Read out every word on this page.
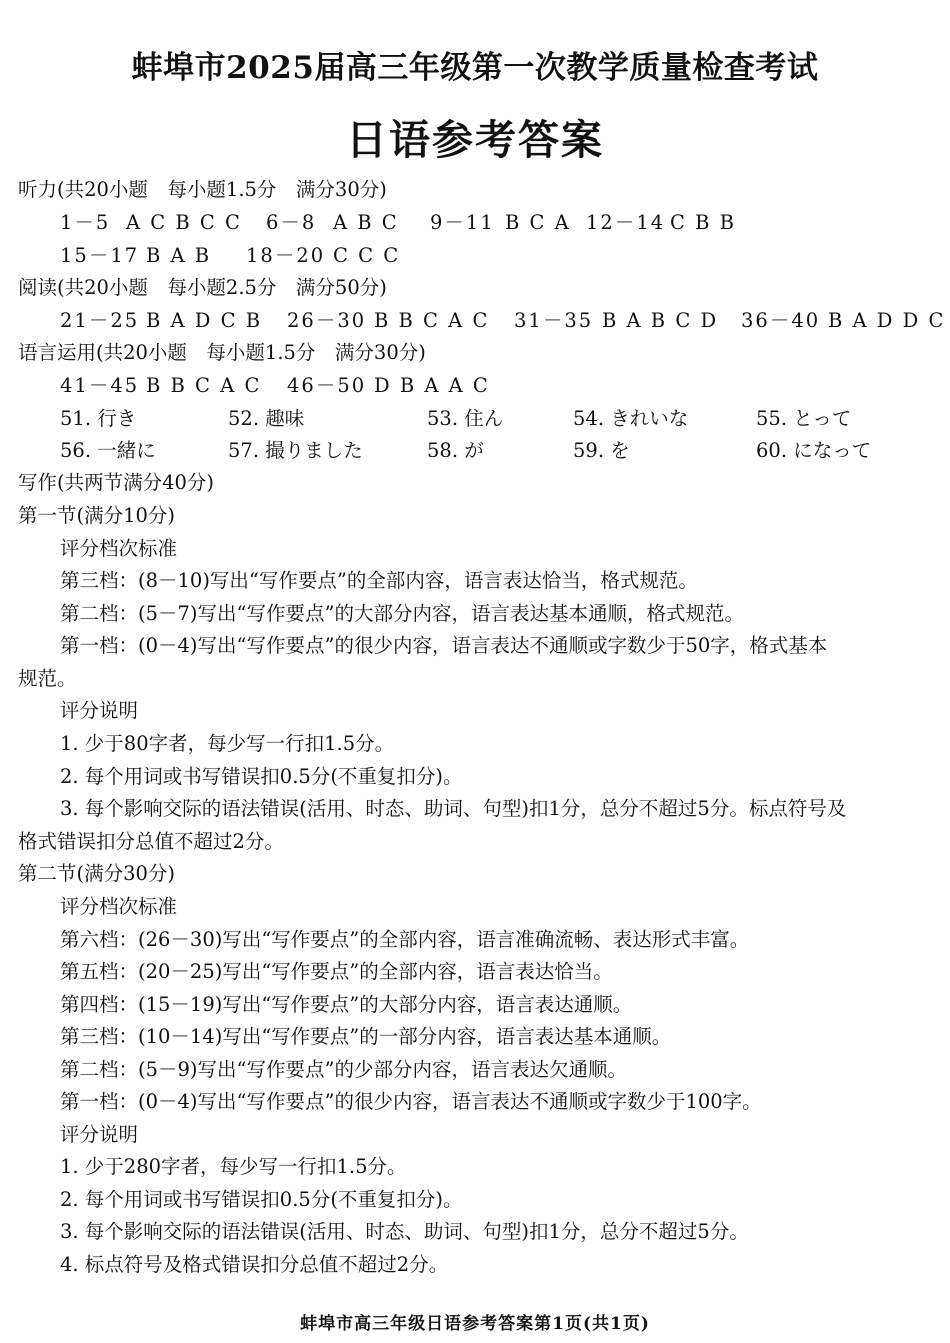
蚌埠市2025届高三年级第一次教学质量检查考试
日语参考答案
听力(共20小题　每小题1.5分　满分30分)
1－5 A C B C C 6－8 A B C 9－11 B C A 12－14 C B B
15－17 B A B 18－20 C C C
阅读(共20小题　每小题2.5分　满分50分)
21－25 B A D C B 26－30 B B C A C 31－35 B A B C D 36－40 B A D D C
语言运用(共20小题　每小题1.5分　满分30分)
41－45 B B C A C 46－50 D B A A C
51. 行き	52. 趣味	53. 住ん	54. きれいな	55. とって
56. 一緒に	57. 撮りました	58. が	59. を	60. になって
写作(共两节满分40分)
第一节(满分10分)
评分档次标准
第三档：(8－10)写出“写作要点”的全部内容，语言表达恰当，格式规范。
第二档：(5－7)写出“写作要点”的大部分内容，语言表达基本通顺，格式规范。
第一档：(0－4)写出“写作要点”的很少内容，语言表达不通顺或字数少于50字，格式基本
规范。
评分说明
1. 少于80字者，每少写一行扣1.5分。
2. 每个用词或书写错误扣0.5分(不重复扣分)。
3. 每个影响交际的语法错误(活用、时态、助词、句型)扣1分，总分不超过5分。标点符号及
格式错误扣分总值不超过2分。
第二节(满分30分)
评分档次标准
第六档：(26－30)写出“写作要点”的全部内容，语言准确流畅、表达形式丰富。
第五档：(20－25)写出“写作要点”的全部内容，语言表达恰当。
第四档：(15－19)写出“写作要点”的大部分内容，语言表达通顺。
第三档：(10－14)写出“写作要点”的一部分内容，语言表达基本通顺。
第二档：(5－9)写出“写作要点”的少部分内容，语言表达欠通顺。
第一档：(0－4)写出“写作要点”的很少内容，语言表达不通顺或字数少于100字。
评分说明
1. 少于280字者，每少写一行扣1.5分。
2. 每个用词或书写错误扣0.5分(不重复扣分)。
3. 每个影响交际的语法错误(活用、时态、助词、句型)扣1分，总分不超过5分。
4. 标点符号及格式错误扣分总值不超过2分。
蚌埠市高三年级日语参考答案第1页(共1页)
